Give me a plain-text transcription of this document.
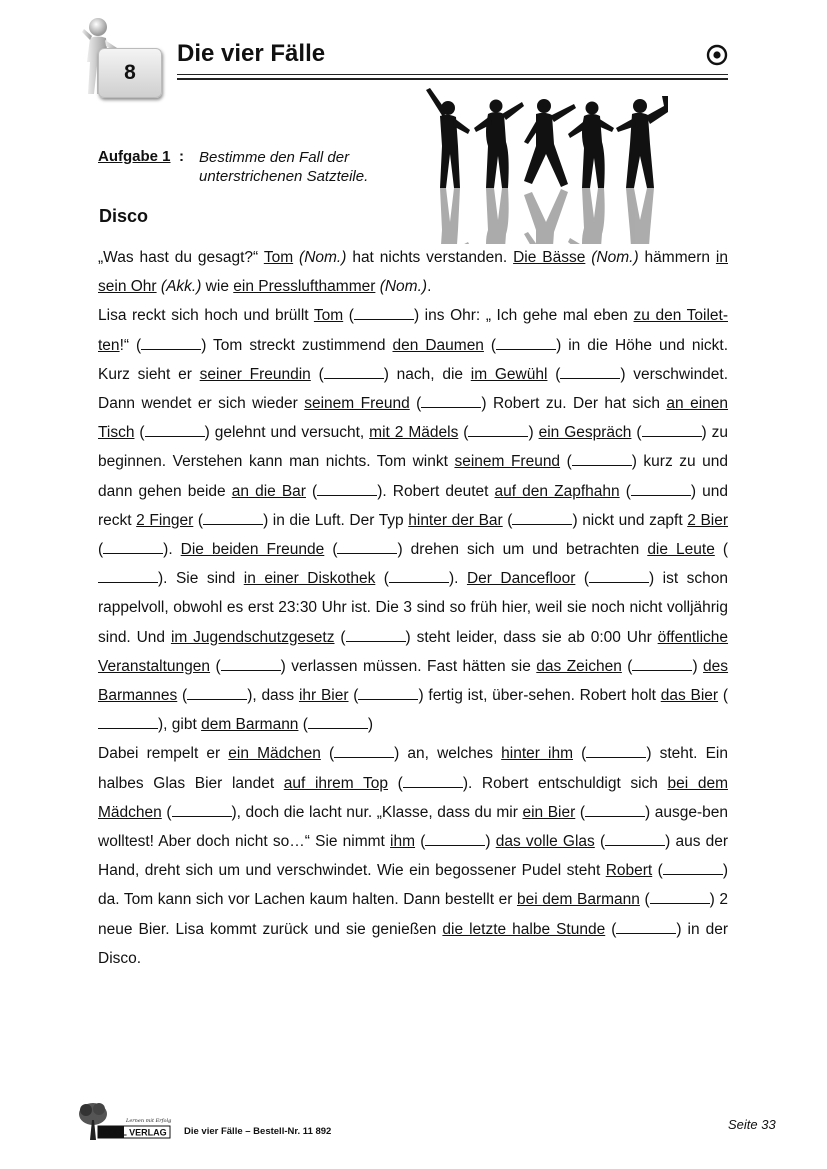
8
Die vier Fälle
Aufgabe 1 : Bestimme den Fall der unterstrichenen Satzteile.
Disco

„Was hast du gesagt?“ Tom (Nom.) hat nichts verstanden. Die Bässe (Nom.) hämmern in sein Ohr (Akk.) wie ein Presslufthammer (Nom.).

Lisa reckt sich hoch und brüllt Tom (	) ins Ohr: „ Ich gehe mal eben zu den Toilet-ten!“ (	) Tom streckt zustimmend den Daumen (	) in die Höhe und nickt. Kurz sieht er seiner Freundin (	) nach, die im Gewühl (	) verschwindet. Dann wendet er sich wieder seinem Freund (	) Robert zu. Der hat sich an einen Tisch (	) gelehnt und versucht, mit 2 Mädels (	) ein Gespräch (	) zu beginnen. Verstehen kann man nichts. Tom winkt seinem Freund (	) kurz zu und dann gehen beide an die Bar (	). Robert deutet auf den Zapfhahn (	) und reckt 2 Finger (	) in die Luft. Der Typ hinter der Bar (	) nickt und zapft 2 Bier (	). Die beiden Freunde (	) drehen sich um und betrachten die Leute (). Sie sind in einer Diskothek (	). Der Dancefloor (	) ist schon rappelvoll, obwohl es erst 23:30 Uhr ist. Die 3 sind so früh hier, weil sie noch nicht volljährig sind. Und im Jugendschutzgesetz (	) steht leider, dass sie ab 0:00 Uhr öffentliche Veranstaltungen (	) verlassen müssen. Fast hätten sie das Zeichen (	) des Barmannes (	), dass ihr Bier (	) fertig ist, über-sehen. Robert holt das Bier (), gibt dem Barmann (	)

Dabei rempelt er ein Mädchen (	) an, welches hinter ihm (	) steht. Ein halbes Glas Bier landet auf ihrem Top (	). Robert entschuldigt sich bei dem Mädchen (	), doch die lacht nur. „Klasse, dass du mir ein Bier (	) ausge-ben wolltest! Aber doch nicht so…“ Sie nimmt ihm (	) das volle Glas (	) aus der Hand, dreht sich um und verschwindet. Wie ein begossener Pudel steht Robert (	) da. Tom kann sich vor Lachen kaum halten. Dann bestellt er bei dem Barmann (	) 2 neue Bier. Lisa kommt zurück und sie genießen die letzte halbe Stunde (	) in der Disco.

Lernen mit Erfolg
KOHL VERLAG Die vier Fälle – Bestell-Nr. 11 892	Seite 33
